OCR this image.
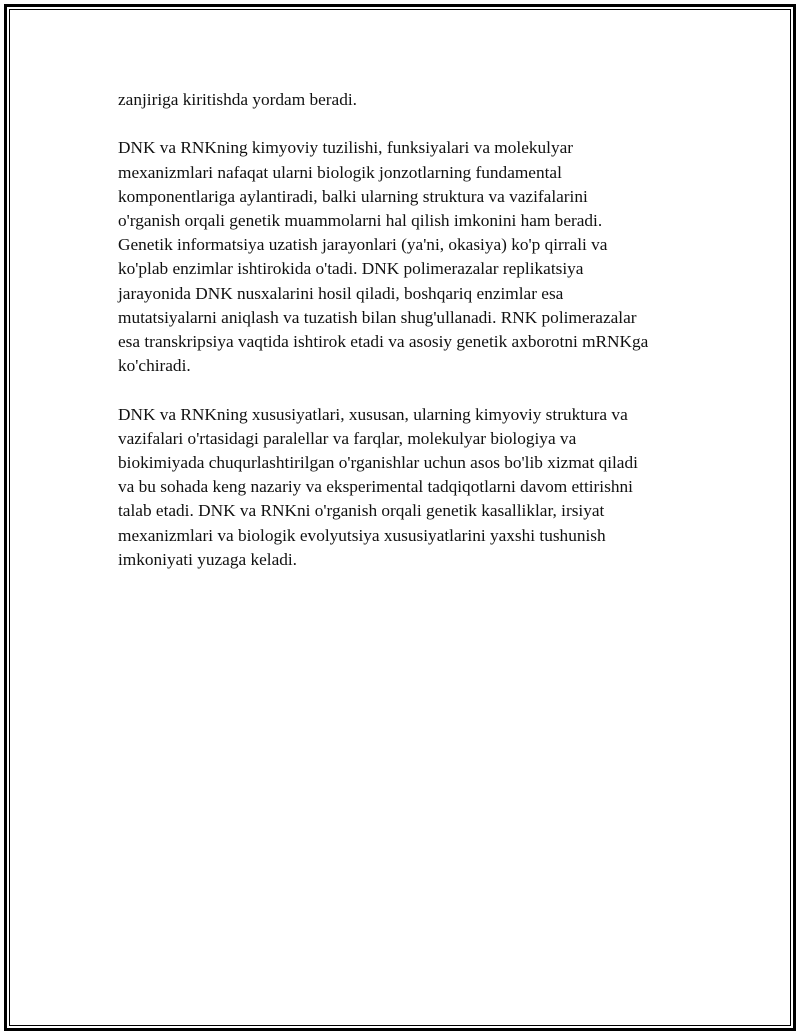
zanjiriga kiritishda yordam beradi.

DNK va RNKning kimyoviy tuzilishi, funksiyalari va molekulyar
mexanizmlari nafaqat ularni biologik jonzotlarning fundamental
komponentlariga aylantiradi, balki ularning struktura va vazifalarini
o'rganish orqali genetik muammolarni hal qilish imkonini ham beradi.
Genetik informatsiya uzatish jarayonlari (ya'ni, okasiya) ko'p qirrali va
ko'plab enzimlar ishtirokida o'tadi. DNK polimerazalar replikatsiya
jarayonida DNK nusxalarini hosil qiladi, boshqariq enzimlar esa
mutatsiyalarni aniqlash va tuzatish bilan shug'ullanadi. RNK polimerazalar
esa transkripsiya vaqtida ishtirok etadi va asosiy genetik axborotni mRNKga
ko'chiradi.

DNK va RNKning xususiyatlari, xususan, ularning kimyoviy struktura va
vazifalari o'rtasidagi paralellar va farqlar, molekulyar biologiya va
biokimiyada chuqurlashtirilgan o'rganishlar uchun asos bo'lib xizmat qiladi
va bu sohada keng nazariy va eksperimental tadqiqotlarni davom ettirishni
talab etadi. DNK va RNKni o'rganish orqali genetik kasalliklar, irsiyat
mexanizmlari va biologik evolyutsiya xususiyatlarini yaxshi tushunish
imkoniyati yuzaga keladi.
